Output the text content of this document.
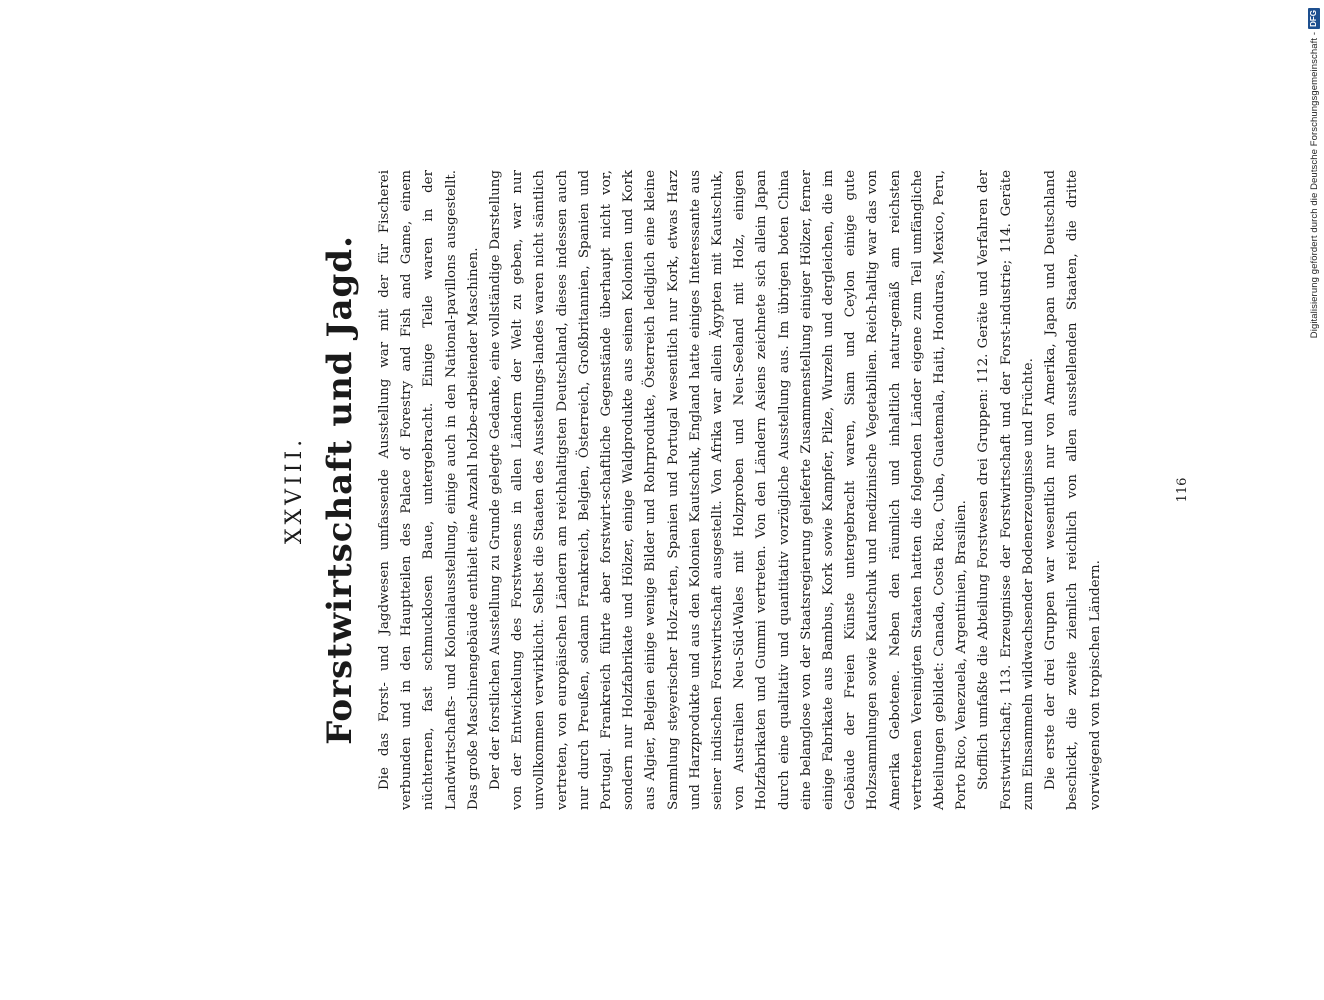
XXVIII. Forstwirtschaft und Jagd. Die das Forst- und Jagdwesen umfassende Ausstellung war mit der für Fischerei verbunden und in den Hauptteilen des Palace of Forestry and Fish and Game, einem nüchternen, fast schmucklosen Baue, untergebracht. Einige Teile waren in der Landwirtschafts- und Kolonialausstellung, einige auch in den National-pavillons ausgestellt. Das große Maschinengebäude enthielt eine Anzahl holzbe-arbeitender Maschinen. Der der forstlichen Ausstellung zu Grunde gelegte Gedanke, eine vollständige Darstellung von der Entwickelung des Forstwesens in allen Ländern der Welt zu geben, war nur unvollkommen verwirklicht. Selbst die Staaten des Ausstellungs-landes waren nicht sämtlich vertreten, von europäischen Ländern am reichhaltigsten Deutschland, dieses indessen auch nur durch Preußen, sodann Frankreich, Belgien, Österreich, Großbritannien, Spanien und Portugal. Frankreich führte aber forstwirt-schaftliche Gegenstände überhaupt nicht vor, sondern nur Holzfabrikate und Hölzer, einige Waldprodukte aus seinen Kolonien und Kork aus Algier, Belgien einige wenige Bilder und Rohrprodukte, Österreich lediglich eine kleine Sammlung steyerischer Holz-arten, Spanien und Portugal wesentlich nur Kork, etwas Harz und Harzprodukte und aus den Kolonien Kautschuk, England hatte einiges Interessante aus seiner indischen Forstwirtschaft ausgestellt. Von Afrika war allein Ägypten mit Kautschuk, von Australien Neu-Süd-Wales mit Holzproben und Neu-Seeland mit Holz, einigen Holzfabrikaten und Gummi vertreten. Von den Ländern Asiens zeichnete sich allein Japan durch eine qualitativ und quantitativ vorzügliche Ausstellung aus. Im übrigen boten China eine belanglose von der Staatsregierung gelieferte Zusammenstellung einiger Hölzer, ferner einige Fabrikate aus Bambus, Kork sowie Kampfer, Pilze, Wurzeln und dergleichen, die im Gebäude der Freien Künste untergebracht waren, Siam und Ceylon einige gute Holzsammlungen sowie Kautschuk und medizinische Vegetabilien. Reich-haltig war das von Amerika Gebotene. Neben den räumlich und inhaltlich natur-gemäß am reichsten vertretenen Vereinigten Staaten hatten die folgenden Länder eigene zum Teil umfängliche Abteilungen gebildet: Canada, Costa Rica, Cuba, Guatemala, Haiti, Honduras, Mexico, Peru, Porto Rico, Venezuela, Argentinien, Brasilien. Stofflich umfaßte die Abteilung Forstwesen drei Gruppen: 112. Geräte und Verfahren der Forstwirtschaft; 113. Erzeugnisse der Forstwirtschaft und der Forst-industrie; 114. Geräte zum Einsammeln wildwachsender Bodenerzeugnisse und Früchte. Die erste der drei Gruppen war wesentlich nur von Amerika, Japan und Deutschland beschickt, die zweite ziemlich reichlich von allen ausstellenden Staaten, die dritte vorwiegend von tropischen Ländern.

116
Digitalisierung gefördert durch die Deutsche Forschungsgemeinschaft -
DFG
